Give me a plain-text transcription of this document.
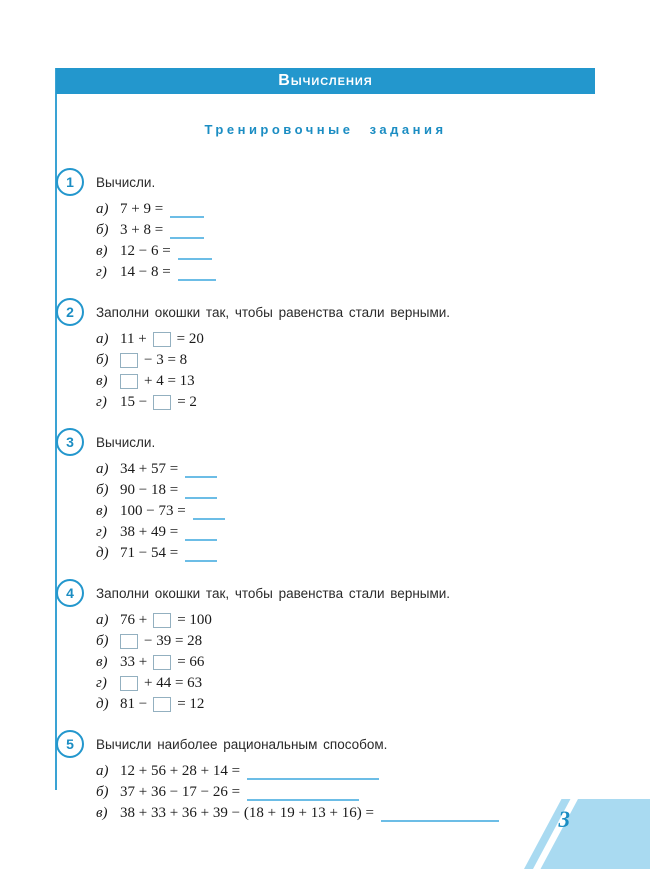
Вычисления
Тренировочные задания
1	Вычисли.
а) 7 + 9 =
б) 3 + 8 =
в) 12 − 6 =
г) 14 − 8 =
2	Заполни окошки так, чтобы равенства стали верными.
а) 11 + = 20
б)	− 3 = 8
в)	+ 4 = 13
г) 15 − = 2
3	Вычисли.
а) 34 + 57 =
б) 90 − 18 =
в) 100 − 73 =
г) 38 + 49 =
д) 71 − 54 =
4	Заполни окошки так, чтобы равенства стали верными.
а) 76 + = 100
б)	− 39 = 28
в) 33 + = 66
г)	+ 44 = 63
д) 81 − = 12
5	Вычисли наиболее рациональным способом.
а) 12 + 56 + 28 + 14 =
б) 37 + 36 − 17 − 26 =
в) 38 + 33 + 36 + 39 − (18 + 19 + 13 + 16) =	3
